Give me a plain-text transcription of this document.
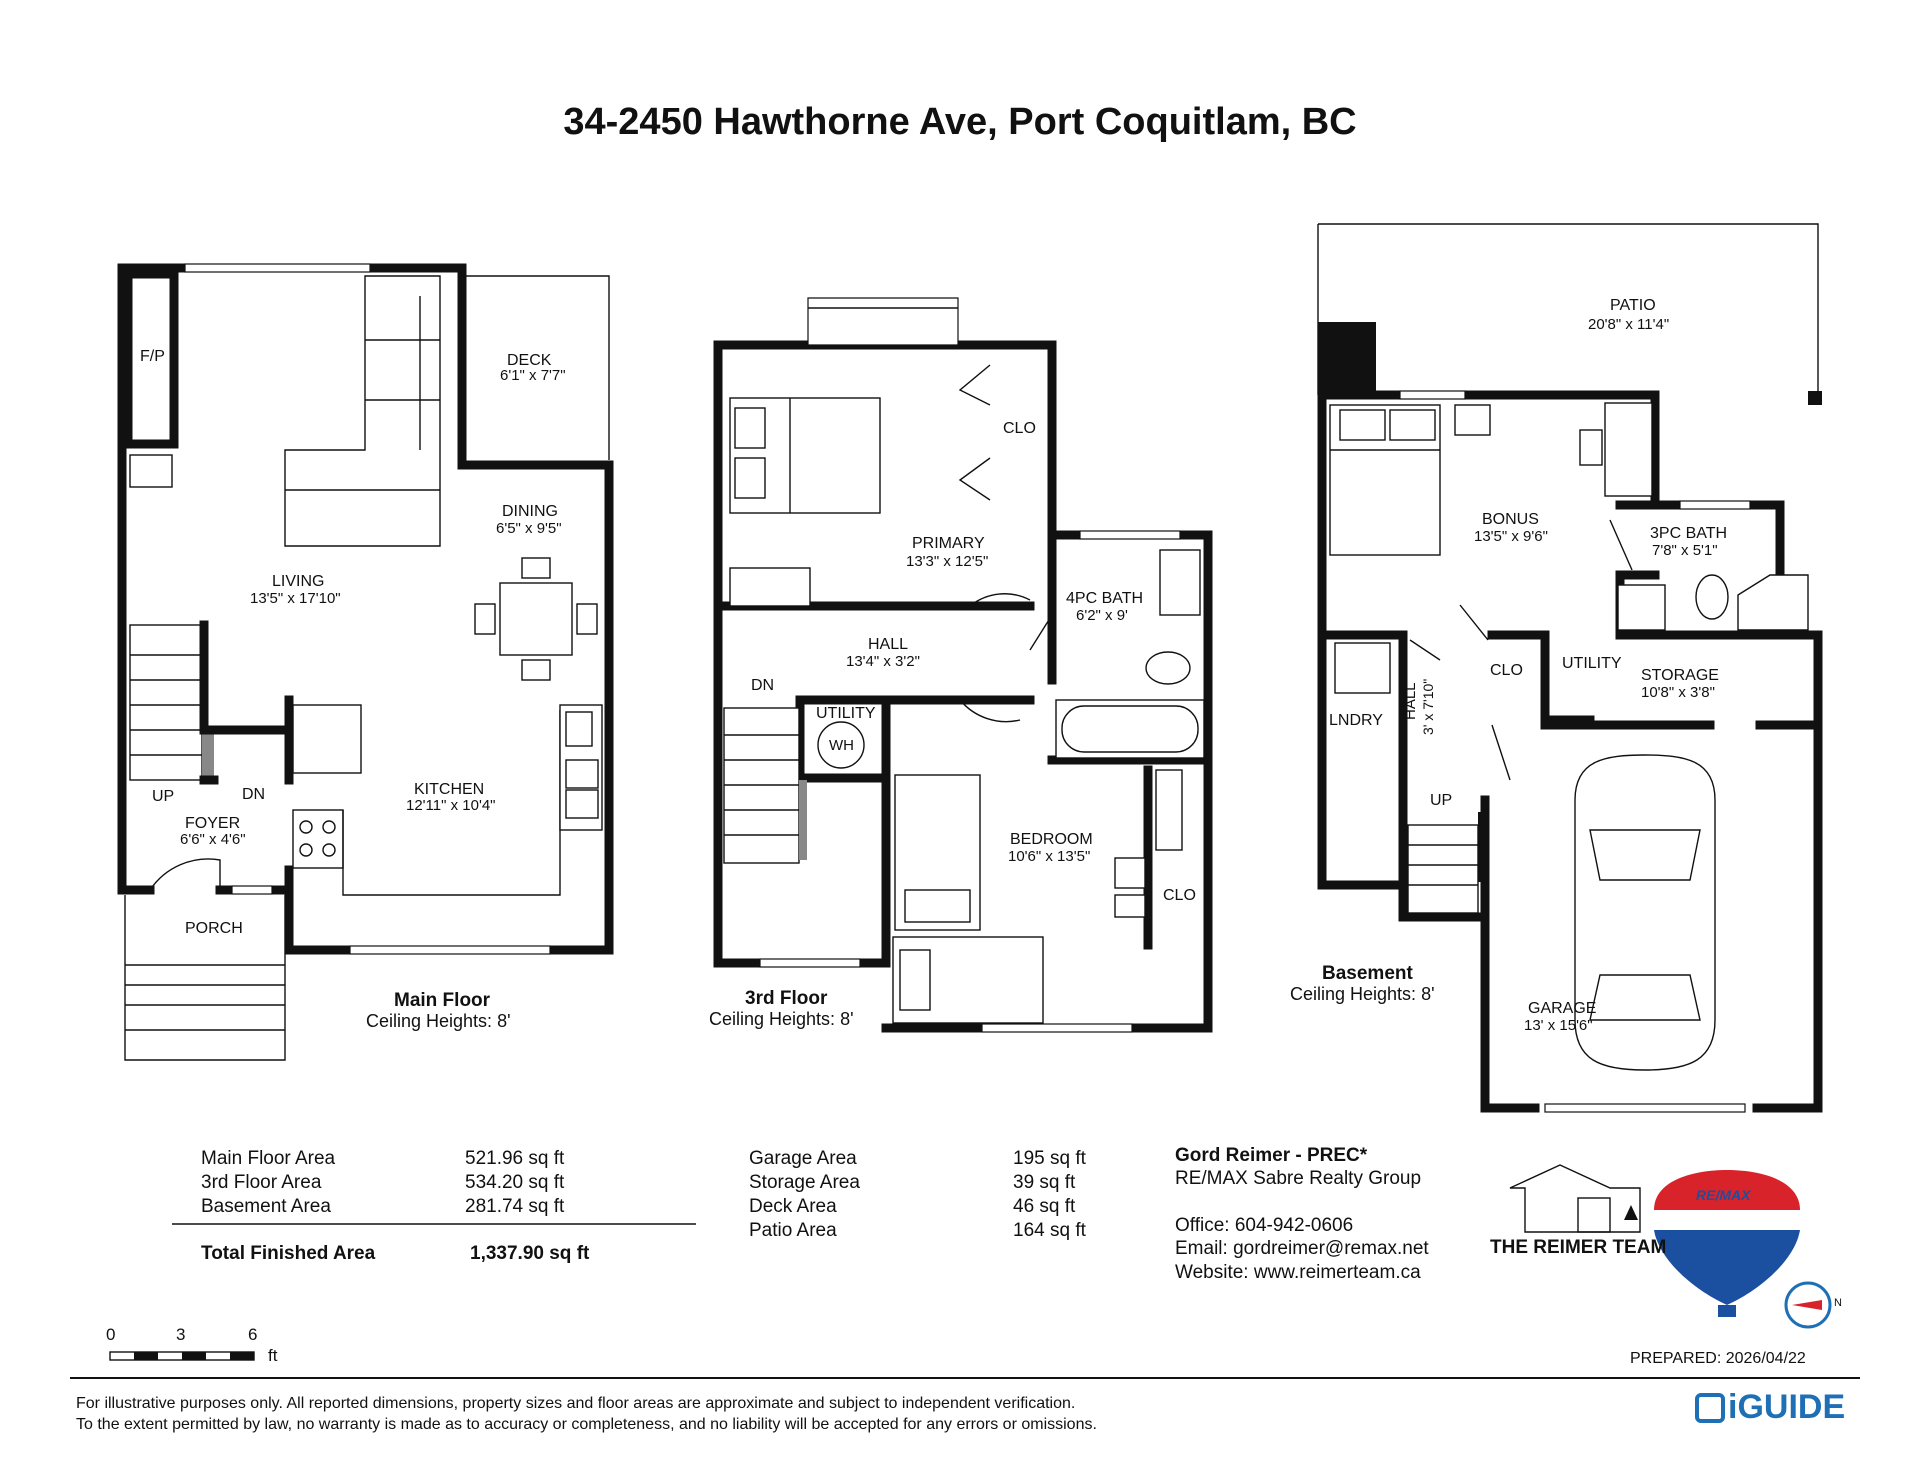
34-2450 Hawthorne Ave, Port Coquitlam, BC
F/P	DECK
6'1" x 7'7"
DINING
6'5" x 9'5"
LIVING
13'5" x 17'10"
KITCHEN
12'11" x 10'4"
FOYER
6'6" x 4'6"
PORCH
UP	DN
Main Floor
Ceiling Heights: 8'
CLO
PRIMARY
13'3" x 12'5"
4PC BATH
6'2" x 9'
HALL
13'4" x 3'2"
UTILITY
WH
BEDROOM
10'6" x 13'5"
CLO
DN
3rd Floor
Ceiling Heights: 8'
PATIO
20'8" x 11'4"
BONUS
13'5" x 9'6"	3PC BATH
7'8" x 5'1"
CLO UTILITY
STORAGE
10'8" x 3'8"
LNDRY
HALL 3' x 7'10"
GARAGE
13' x 15'6"
UP
Basement
Ceiling Heights: 8'
Main Floor Area	521.96 sq ft
3rd Floor Area	534.20 sq ft
Basement Area	281.74 sq ft
Total Finished Area	1,337.90 sq ft
Garage Area	195 sq ft
Storage Area	39 sq ft
Deck Area	46 sq ft
Patio Area	164 sq ft
Gord Reimer - PREC*
RE/MAX Sabre Realty Group
Office: 604-942-0606
Email: gordreimer@remax.net
Website: www.reimerteam.ca
THE REIMER TEAM
RE/MAX
N
0	3	6
ft	PREPARED: 2026/04/22
For illustrative purposes only. All reported dimensions, property sizes and floor areas are approximate and subject to independent verification.
To the extent permitted by law, no warranty is made as to accuracy or completeness, and no liability will be accepted for any errors or omissions.	iGUIDE
